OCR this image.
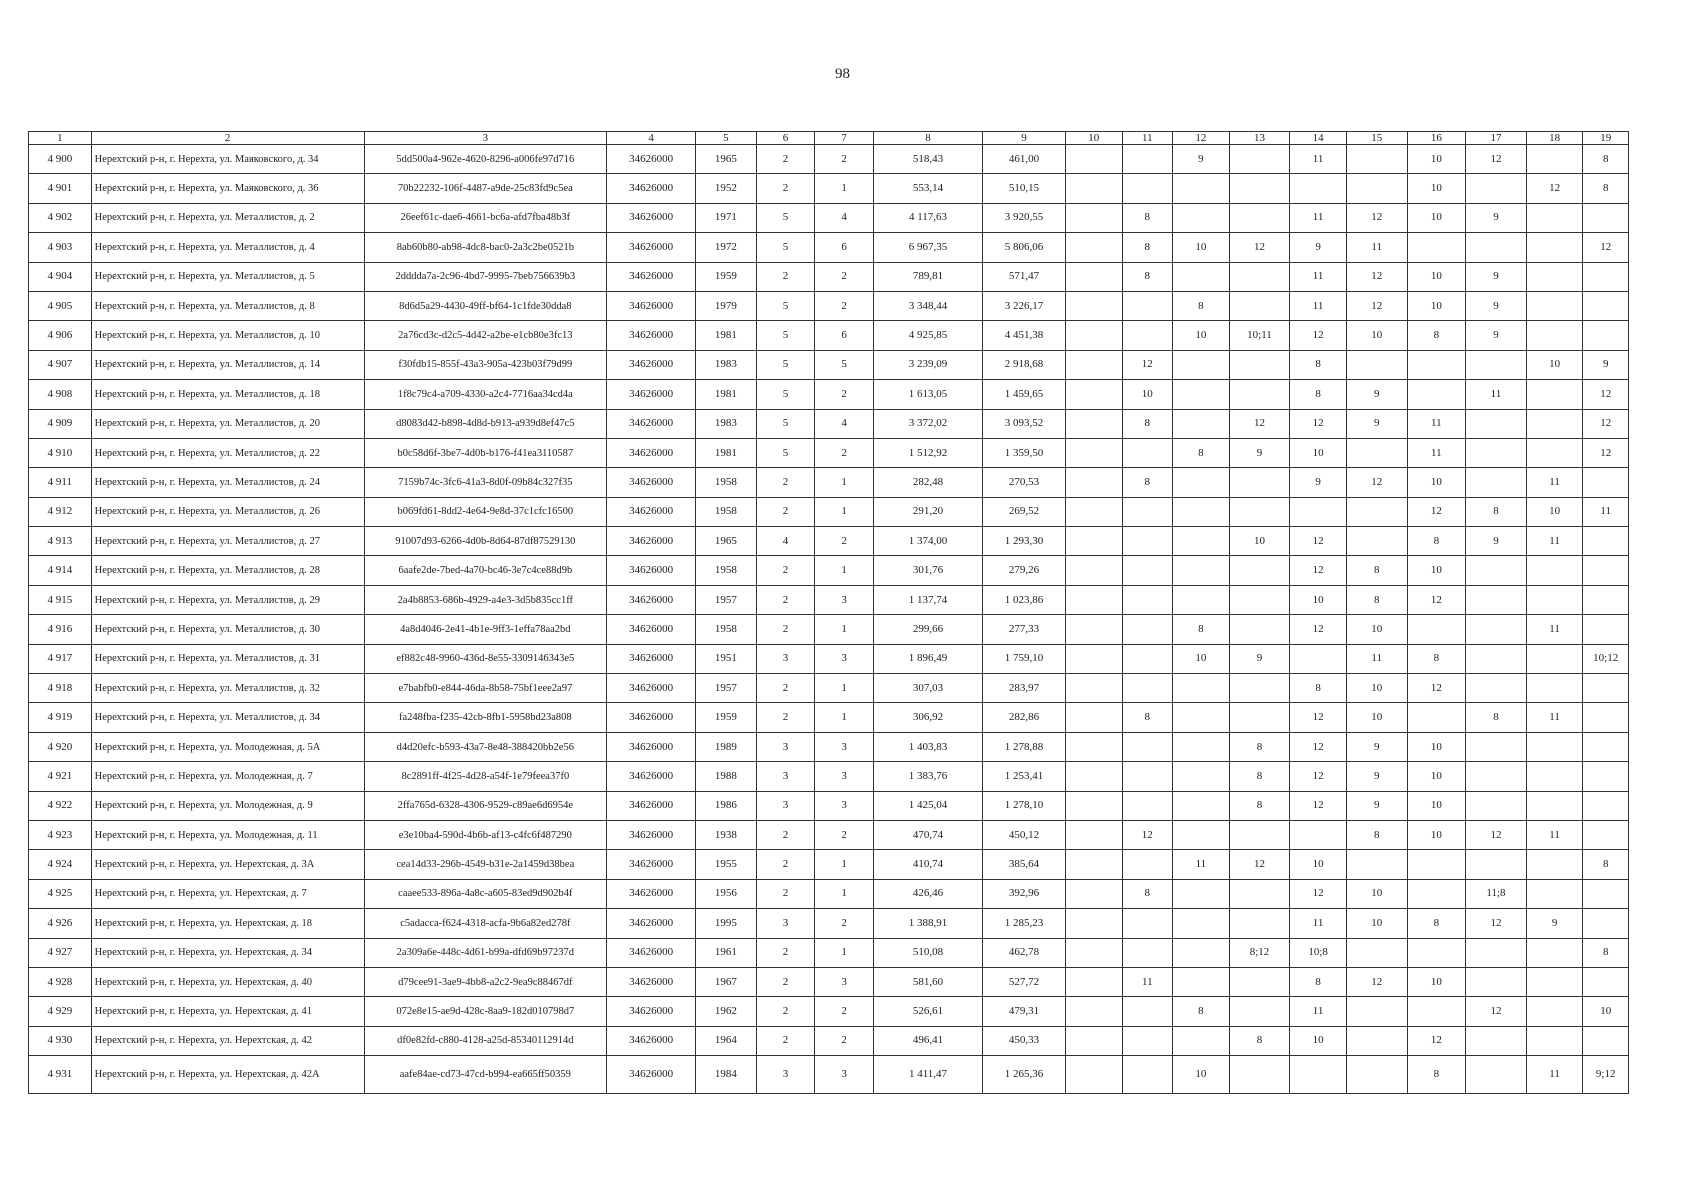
98
1	2	3	4	5	6	7	8	9	10	11	12	13	14	15	16	17	18	19
4 900	Нерехтский р-н, г. Нерехта, ул. Маяковского, д. 34	5dd500a4-962e-4620-8296-a006fe97d716	34626000	1965	2	2	518,43	461,00			9		11		10	12		8
4 901	Нерехтский р-н, г. Нерехта, ул. Маяковского, д. 36	70b22232-106f-4487-a9de-25c83fd9c5ea	34626000	1952	2	1	553,14	510,15							10		12	8
4 902	Нерехтский р-н, г. Нерехта, ул. Металлистов, д. 2	26eef61c-dae6-4661-bc6a-afd7fba48b3f	34626000	1971	5	4	4 117,63	3 920,55		8			11	12	10	9		
4 903	Нерехтский р-н, г. Нерехта, ул. Металлистов, д. 4	8ab60b80-ab98-4dc8-bac0-2a3c2be0521b	34626000	1972	5	6	6 967,35	5 806,06		8	10	12	9	11				12
4 904	Нерехтский р-н, г. Нерехта, ул. Металлистов, д. 5	2dddda7a-2c96-4bd7-9995-7beb756639b3	34626000	1959	2	2	789,81	571,47		8			11	12	10	9		
4 905	Нерехтский р-н, г. Нерехта, ул. Металлистов, д. 8	8d6d5a29-4430-49ff-bf64-1c1fde30dda8	34626000	1979	5	2	3 348,44	3 226,17			8		11	12	10	9		
4 906	Нерехтский р-н, г. Нерехта, ул. Металлистов, д. 10	2a76cd3c-d2c5-4d42-a2be-e1cb80e3fc13	34626000	1981	5	6	4 925,85	4 451,38			10	10;11	12	10	8	9		
4 907	Нерехтский р-н, г. Нерехта, ул. Металлистов, д. 14	f30fdb15-855f-43a3-905a-423b03f79d99	34626000	1983	5	5	3 239,09	2 918,68		12			8				10	9
4 908	Нерехтский р-н, г. Нерехта, ул. Металлистов, д. 18	1f8c79c4-a709-4330-a2c4-7716aa34cd4a	34626000	1981	5	2	1 613,05	1 459,65		10			8	9		11		12
4 909	Нерехтский р-н, г. Нерехта, ул. Металлистов, д. 20	d8083d42-b898-4d8d-b913-a939d8ef47c5	34626000	1983	5	4	3 372,02	3 093,52		8		12	12	9	11			12
4 910	Нерехтский р-н, г. Нерехта, ул. Металлистов, д. 22	b0c58d6f-3be7-4d0b-b176-f41ea3110587	34626000	1981	5	2	1 512,92	1 359,50			8	9	10		11			12
4 911	Нерехтский р-н, г. Нерехта, ул. Металлистов, д. 24	7159b74c-3fc6-41a3-8d0f-09b84c327f35	34626000	1958	2	1	282,48	270,53		8			9	12	10		11	
4 912	Нерехтский р-н, г. Нерехта, ул. Металлистов, д. 26	b069fd61-8dd2-4e64-9e8d-37c1cfc16500	34626000	1958	2	1	291,20	269,52							12	8	10	11
4 913	Нерехтский р-н, г. Нерехта, ул. Металлистов, д. 27	91007d93-6266-4d0b-8d64-87df87529130	34626000	1965	4	2	1 374,00	1 293,30				10	12		8	9	11	
4 914	Нерехтский р-н, г. Нерехта, ул. Металлистов, д. 28	6aafe2de-7bed-4a70-bc46-3e7c4ce88d9b	34626000	1958	2	1	301,76	279,26					12	8	10			
4 915	Нерехтский р-н, г. Нерехта, ул. Металлистов, д. 29	2a4b8853-686b-4929-a4e3-3d5b835cc1ff	34626000	1957	2	3	1 137,74	1 023,86					10	8	12			
4 916	Нерехтский р-н, г. Нерехта, ул. Металлистов, д. 30	4a8d4046-2e41-4b1e-9ff3-1effa78aa2bd	34626000	1958	2	1	299,66	277,33			8		12	10			11	
4 917	Нерехтский р-н, г. Нерехта, ул. Металлистов, д. 31	ef882c48-9960-436d-8e55-3309146343e5	34626000	1951	3	3	1 896,49	1 759,10			10	9		11	8			10;12
4 918	Нерехтский р-н, г. Нерехта, ул. Металлистов, д. 32	e7babfb0-e844-46da-8b58-75bf1eee2a97	34626000	1957	2	1	307,03	283,97					8	10	12			
4 919	Нерехтский р-н, г. Нерехта, ул. Металлистов, д. 34	fa248fba-f235-42cb-8fb1-5958bd23a808	34626000	1959	2	1	306,92	282,86		8			12	10		8	11	
4 920	Нерехтский р-н, г. Нерехта, ул. Молодежная, д. 5А	d4d20efc-b593-43a7-8e48-388420bb2e56	34626000	1989	3	3	1 403,83	1 278,88				8	12	9	10			
4 921	Нерехтский р-н, г. Нерехта, ул. Молодежная, д. 7	8c2891ff-4f25-4d28-a54f-1e79feea37f0	34626000	1988	3	3	1 383,76	1 253,41				8	12	9	10			
4 922	Нерехтский р-н, г. Нерехта, ул. Молодежная, д. 9	2ffa765d-6328-4306-9529-c89ae6d6954e	34626000	1986	3	3	1 425,04	1 278,10				8	12	9	10			
4 923	Нерехтский р-н, г. Нерехта, ул. Молодежная, д. 11	e3e10ba4-590d-4b6b-af13-c4fc6f487290	34626000	1938	2	2	470,74	450,12		12				8	10	12	11	
4 924	Нерехтский р-н, г. Нерехта, ул. Нерехтская, д. 3А	cea14d33-296b-4549-b31e-2a1459d38bea	34626000	1955	2	1	410,74	385,64			11	12	10					8
4 925	Нерехтский р-н, г. Нерехта, ул. Нерехтская, д. 7	caaee533-896a-4a8c-a605-83ed9d902b4f	34626000	1956	2	1	426,46	392,96		8			12	10		11;8		
4 926	Нерехтский р-н, г. Нерехта, ул. Нерехтская, д. 18	c5adacca-f624-4318-acfa-9b6a82ed278f	34626000	1995	3	2	1 388,91	1 285,23					11	10	8	12	9	
4 927	Нерехтский р-н, г. Нерехта, ул. Нерехтская, д. 34	2a309a6e-448c-4d61-b99a-dfd69b97237d	34626000	1961	2	1	510,08	462,78				8;12	10;8					8
4 928	Нерехтский р-н, г. Нерехта, ул. Нерехтская, д. 40	d79cee91-3ae9-4bb8-a2c2-9ea9c88467df	34626000	1967	2	3	581,60	527,72		11			8	12	10			
4 929	Нерехтский р-н, г. Нерехта, ул. Нерехтская, д. 41	072e8e15-ae9d-428c-8aa9-182d010798d7	34626000	1962	2	2	526,61	479,31			8		11			12		10
4 930	Нерехтский р-н, г. Нерехта, ул. Нерехтская, д. 42	df0e82fd-c880-4128-a25d-85340112914d	34626000	1964	2	2	496,41	450,33				8	10		12			
4 931	Нерехтский р-н, г. Нерехта, ул. Нерехтская, д. 42А	aafe84ae-cd73-47cd-b994-ea665ff50359	34626000	1984	3	3	1 411,47	1 265,36			10				8		11	9;12
